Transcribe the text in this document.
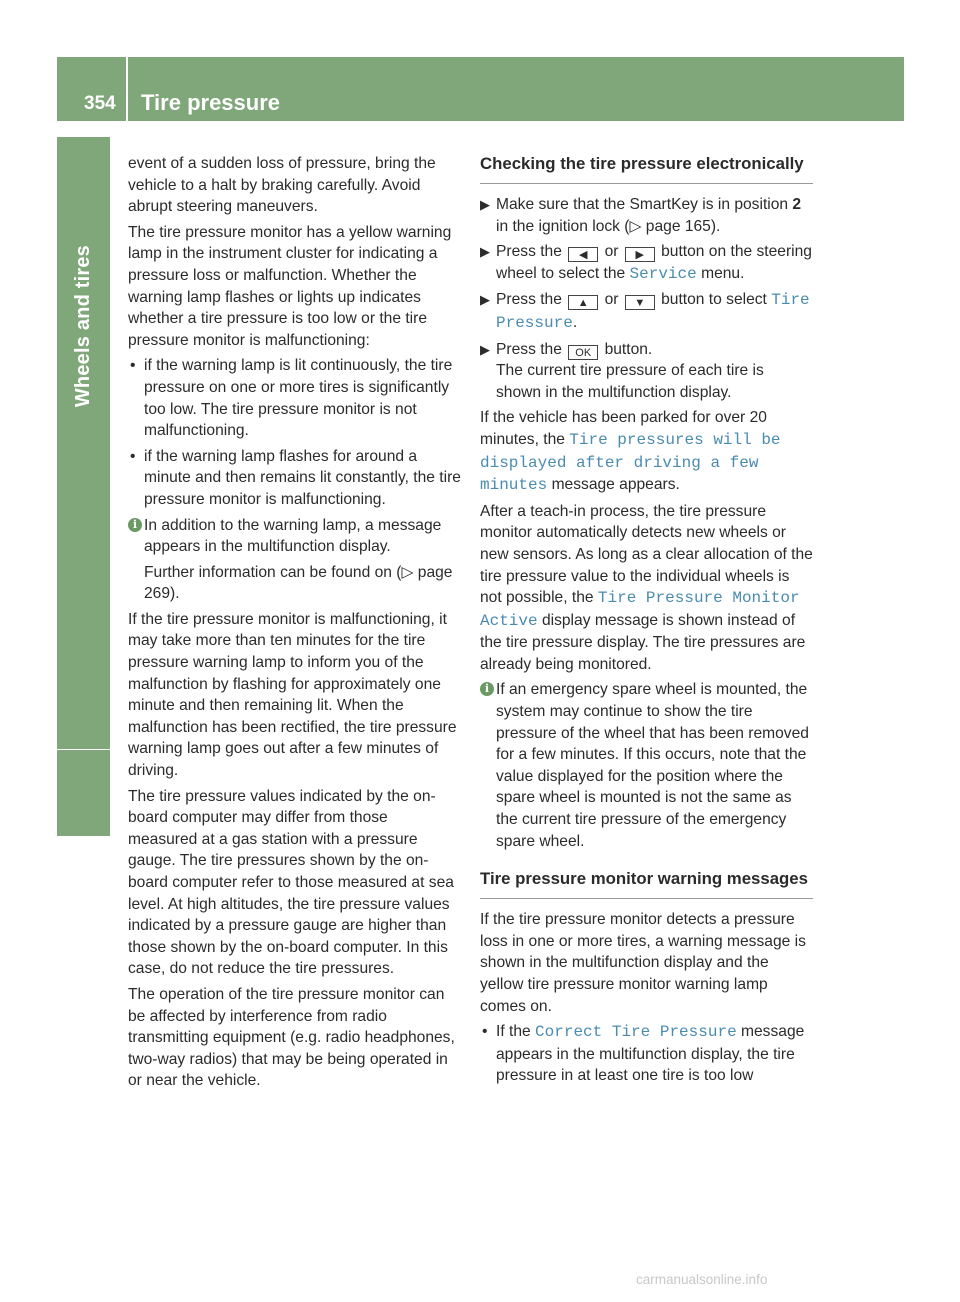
354	Tire pressure
Wheels and tires

event of a sudden loss of pressure, bring the vehicle to a halt by braking carefully. Avoid abrupt steering maneuvers.

The tire pressure monitor has a yellow warning lamp in the instrument cluster for indicating a pressure loss or malfunction. Whether the warning lamp flashes or lights up indicates whether a tire pressure is too low or the tire pressure monitor is malfunctioning:

• if the warning lamp is lit continuously, the tire pressure on one or more tires is significantly too low. The tire pressure monitor is not malfunctioning.
• if the warning lamp flashes for around a minute and then remains lit constantly, the tire pressure monitor is malfunctioning.
i In addition to the warning lamp, a message appears in the multifunction display.

Further information can be found on (▷ page 269).

If the tire pressure monitor is malfunctioning, it may take more than ten minutes for the tire pressure warning lamp to inform you of the malfunction by flashing for approximately one minute and then remaining lit. When the malfunction has been rectified, the tire pressure warning lamp goes out after a few minutes of driving.

The tire pressure values indicated by the on-board computer may differ from those measured at a gas station with a pressure gauge. The tire pressures shown by the on-board computer refer to those measured at sea level. At high altitudes, the tire pressure values indicated by a pressure gauge are higher than those shown by the on-board computer. In this case, do not reduce the tire pressures.

The operation of the tire pressure monitor can be affected by interference from radio transmitting equipment (e.g. radio headphones, two-way radios) that may be being operated in or near the vehicle.

Checking the tire pressure electronically
▶ Make sure that the SmartKey is in position 2 in the ignition lock (▷ page 165).
▶ Press the ◀ or ▶ button on the steering wheel to select the Service menu.
▶ Press the ▲ or ▼ button to select Tire Pressure.
▶ Press the OK button.
The current tire pressure of each tire is shown in the multifunction display.

If the vehicle has been parked for over 20 minutes, the Tire pressures will be displayed after driving a few minutes message appears.

After a teach-in process, the tire pressure monitor automatically detects new wheels or new sensors. As long as a clear allocation of the tire pressure value to the individual wheels is not possible, the Tire Pressure Monitor Active display message is shown instead of the tire pressure display. The tire pressures are already being monitored.

i If an emergency spare wheel is mounted, the system may continue to show the tire pressure of the wheel that has been removed for a few minutes. If this occurs, note that the value displayed for the position where the spare wheel is mounted is not the same as the current tire pressure of the emergency spare wheel.

Tire pressure monitor warning messages

If the tire pressure monitor detects a pressure loss in one or more tires, a warning message is shown in the multifunction display and the yellow tire pressure monitor warning lamp comes on.

• If the Correct Tire Pressure message appears in the multifunction display, the tire pressure in at least one tire is too low
carmanualsonline.info
